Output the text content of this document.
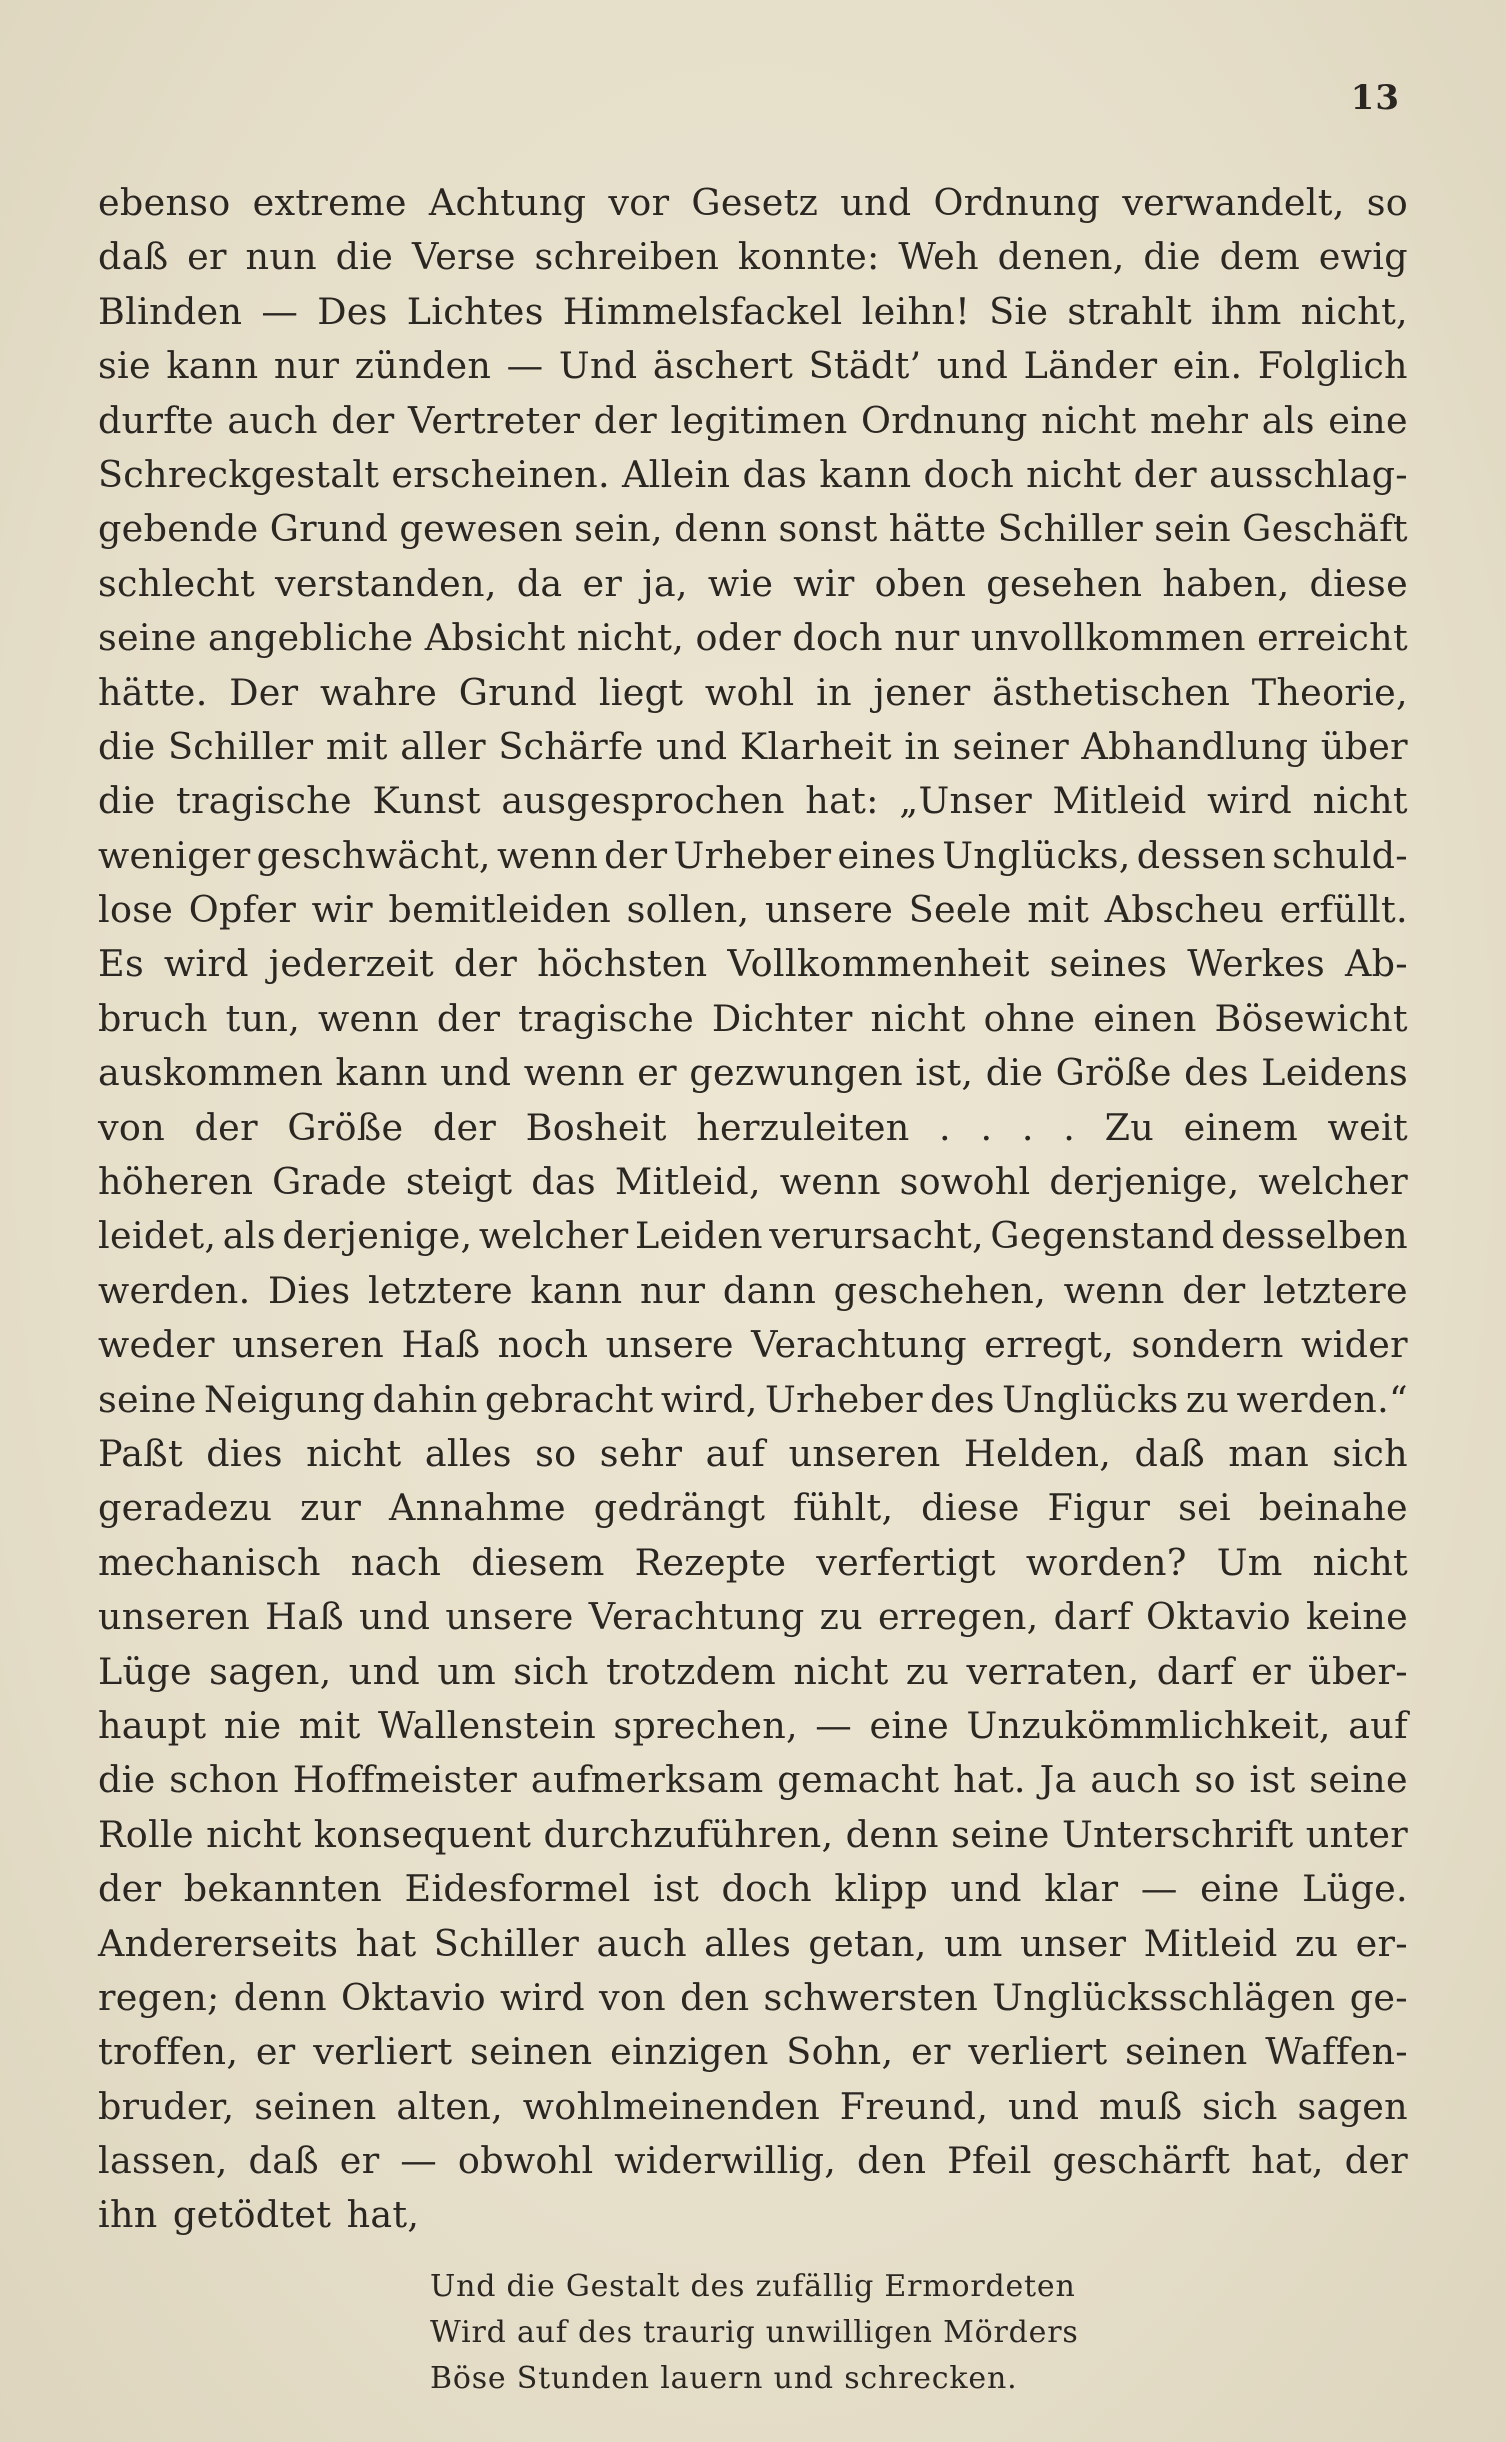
13
ebenso extreme Achtung vor Gesetz und Ordnung verwandelt, so
daß er nun die Verse schreiben konnte: Weh denen, die dem ewig
Blinden — Des Lichtes Himmelsfackel leihn! Sie strahlt ihm nicht,
sie kann nur zünden — Und äschert Städt’ und Länder ein. Folglich
durfte auch der Vertreter der legitimen Ordnung nicht mehr als eine
Schreckgestalt erscheinen. Allein das kann doch nicht der ausschlag-
gebende Grund gewesen sein, denn sonst hätte Schiller sein Geschäft
schlecht verstanden, da er ja, wie wir oben gesehen haben, diese
seine angebliche Absicht nicht, oder doch nur unvollkommen erreicht
hätte. Der wahre Grund liegt wohl in jener ästhetischen Theorie,
die Schiller mit aller Schärfe und Klarheit in seiner Abhandlung über
die tragische Kunst ausgesprochen hat: „Unser Mitleid wird nicht
weniger geschwächt, wenn der Urheber eines Unglücks, dessen schuld-
lose Opfer wir bemitleiden sollen, unsere Seele mit Abscheu erfüllt.
Es wird jederzeit der höchsten Vollkommenheit seines Werkes Ab-
bruch tun, wenn der tragische Dichter nicht ohne einen Bösewicht
auskommen kann und wenn er gezwungen ist, die Größe des Leidens
von der Größe der Bosheit herzuleiten . . . . Zu einem weit
höheren Grade steigt das Mitleid, wenn sowohl derjenige, welcher
leidet, als derjenige, welcher Leiden verursacht, Gegenstand desselben
werden. Dies letztere kann nur dann geschehen, wenn der letztere
weder unseren Haß noch unsere Verachtung erregt, sondern wider
seine Neigung dahin gebracht wird, Urheber des Unglücks zu werden.“
Paßt dies nicht alles so sehr auf unseren Helden, daß man sich
geradezu zur Annahme gedrängt fühlt, diese Figur sei beinahe
mechanisch nach diesem Rezepte verfertigt worden? Um nicht
unseren Haß und unsere Verachtung zu erregen, darf Oktavio keine
Lüge sagen, und um sich trotzdem nicht zu verraten, darf er über-
haupt nie mit Wallenstein sprechen, — eine Unzukömmlichkeit, auf
die schon Hoffmeister aufmerksam gemacht hat. Ja auch so ist seine
Rolle nicht konsequent durchzuführen, denn seine Unterschrift unter
der bekannten Eidesformel ist doch klipp und klar — eine Lüge.
Andererseits hat Schiller auch alles getan, um unser Mitleid zu er-
regen; denn Oktavio wird von den schwersten Unglücksschlägen ge-
troffen, er verliert seinen einzigen Sohn, er verliert seinen Waffen-
bruder, seinen alten, wohlmeinenden Freund, und muß sich sagen
lassen, daß er — obwohl widerwillig, den Pfeil geschärft hat, der
ihn getödtet hat,
Und die Gestalt des zufällig Ermordeten
Wird auf des traurig unwilligen Mörders
Böse Stunden lauern und schrecken.
